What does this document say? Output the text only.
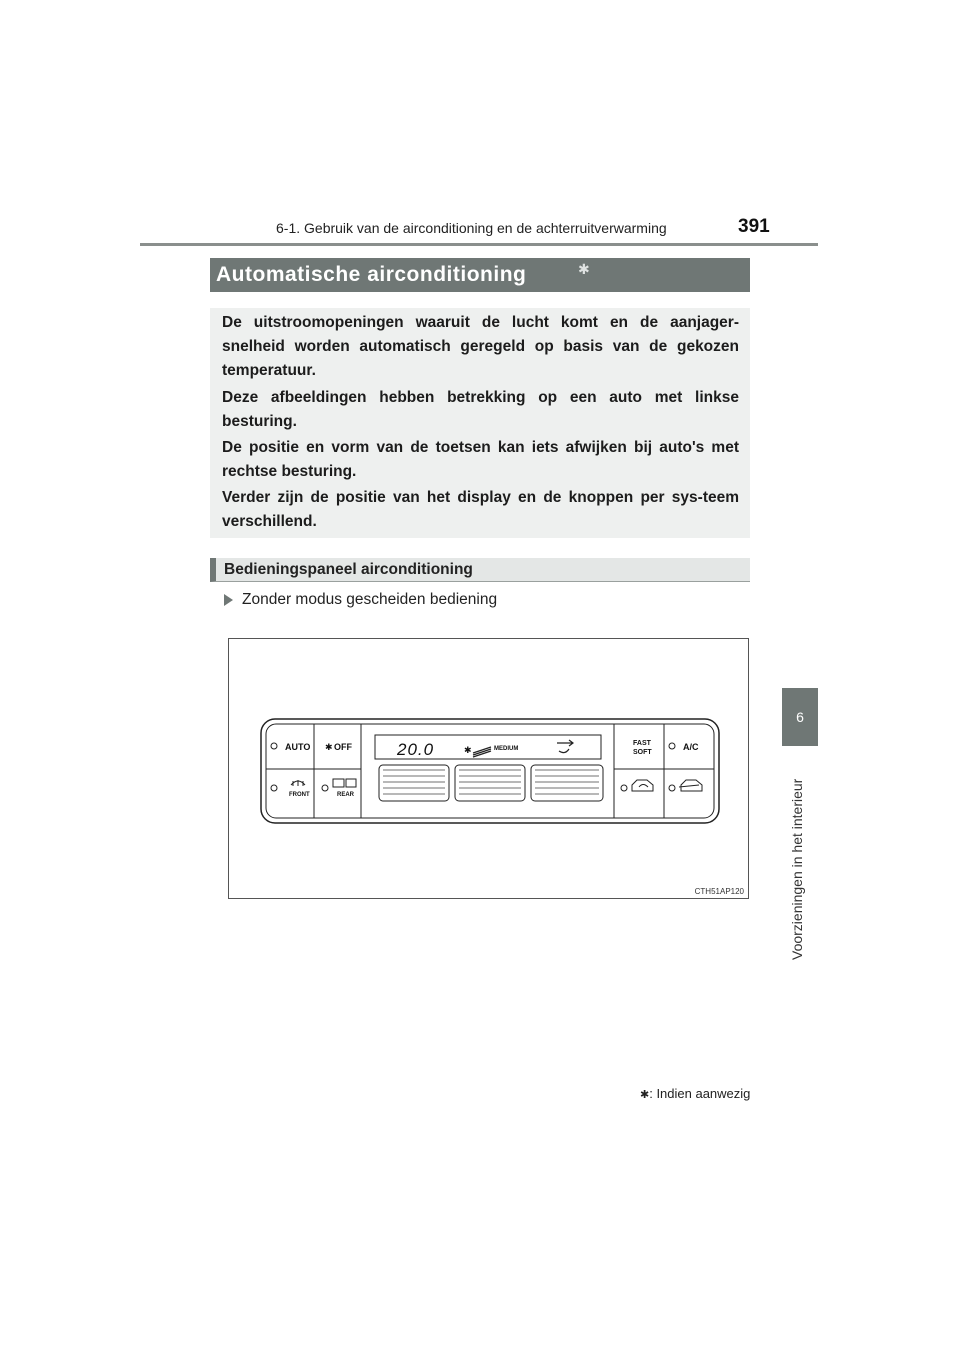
6-1. Gebruik van de airconditioning en de achterruitverwarming	391
6
Voorzieningen in het interieur
Automatische airconditioning	✱

De uitstroomopeningen waaruit de lucht komt en de aanjager-snelheid worden automatisch geregeld op basis van de gekozen temperatuur.

Deze afbeeldingen hebben betrekking op een auto met linkse besturing.

De positie en vorm van de toetsen kan iets afwijken bij auto's met rechtse besturing.

Verder zijn de positie van het display en de knoppen per sys-teem verschillend.

Bedieningspaneel airconditioning
Zonder modus gescheiden bediening
AUTO ✱ OFF
FRONT	REAR
20.0	✱	MEDIUM
FAST
SOFT
A/C
CTH51AP120
✱: Indien aanwezig
